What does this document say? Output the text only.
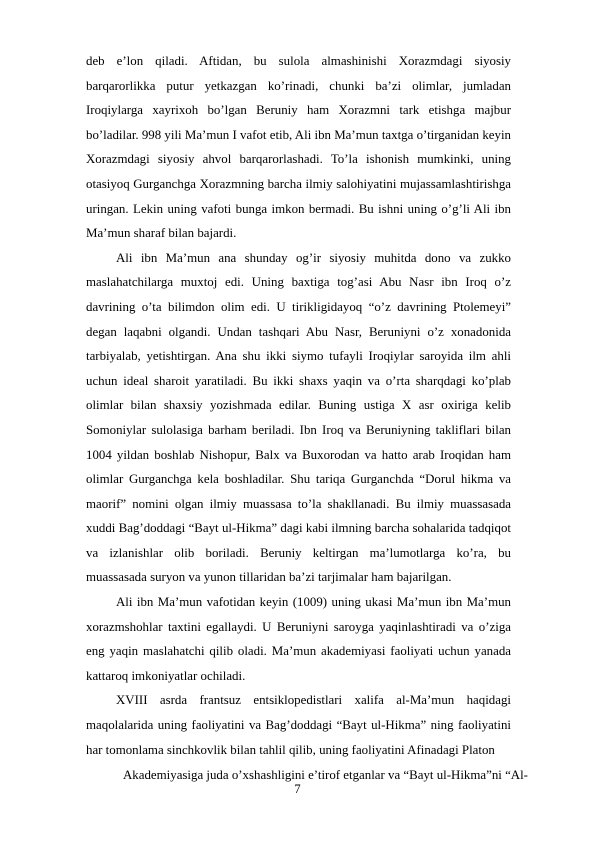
deb e’lon qiladi. Aftidan, bu sulola almashinishi Xorazmdagi siyosiy barqarorlikka putur yetkazgan ko’rinadi, chunki ba’zi olimlar, jumladan Iroqiylarga xayrixoh bo’lgan Beruniy ham Xorazmni tark etishga majbur bo’ladilar. 998 yili Ma’mun I vafot etib, Ali ibn Ma’mun taxtga o’tirganidan keyin Xorazmdagi siyosiy ahvol barqarorlashadi. To’la ishonish mumkinki, uning otasiyoq Gurganchga Xorazmning barcha ilmiy salohiyatini mujassamlashtirishga uringan. Lekin uning vafoti bunga imkon bermadi. Bu ishni uning o’g’li Ali ibn Ma’mun sharaf bilan bajardi.

Ali ibn Ma’mun ana shunday og’ir siyosiy muhitda dono va zukko maslahatchilarga muxtoj edi. Uning baxtiga tog’asi Abu Nasr ibn Iroq o’z davrining o’ta bilimdon olim edi. U tirikligidayoq “o’z davrining Ptolemeyi” degan laqabni olgandi. Undan tashqari Abu Nasr, Beruniyni o’z xonadonida tarbiyalab, yetishtirgan. Ana shu ikki siymo tufayli Iroqiylar saroyida ilm ahli uchun ideal sharoit yaratiladi. Bu ikki shaxs yaqin va o’rta sharqdagi ko’plab olimlar bilan shaxsiy yozishmada edilar. Buning ustiga X asr oxiriga kelib Somoniylar sulolasiga barham beriladi. Ibn Iroq va Beruniyning takliflari bilan 1004 yildan boshlab Nishopur, Balx va Buxorodan va hatto arab Iroqidan ham olimlar Gurganchga kela boshladilar. Shu tariqa Gurganchda “Dorul hikma va maorif” nomini olgan ilmiy muassasa to’la shakllanadi. Bu ilmiy muassasada xuddi Bag’doddagi “Bayt ul-Hikma” dagi kabi ilmning barcha sohalarida tadqiqot va izlanishlar olib boriladi. Beruniy keltirgan ma’lumotlarga ko’ra, bu muassasada suryon va yunon tillaridan ba’zi tarjimalar ham bajarilgan.

Ali ibn Ma’mun vafotidan keyin (1009) uning ukasi Ma’mun ibn Ma’mun xorazmshohlar taxtini egallaydi. U Beruniyni saroyga yaqinlashtiradi va o’ziga eng yaqin maslahatchi qilib oladi. Ma’mun akademiyasi faoliyati uchun yanada kattaroq imkoniyatlar ochiladi.

XVIII asrda frantsuz entsiklopedistlari xalifa al-Ma’mun haqidagi maqolalarida uning faoliyatini va Bag’doddagi “Bayt ul-Hikma” ning faoliyatini har tomonlama sinchkovlik bilan tahlil qilib, uning faoliyatini Afinadagi Platon

Akademiyasiga juda o’xshashligini e’tirof etganlar va “Bayt ul-Hikma”ni “Al-
7
